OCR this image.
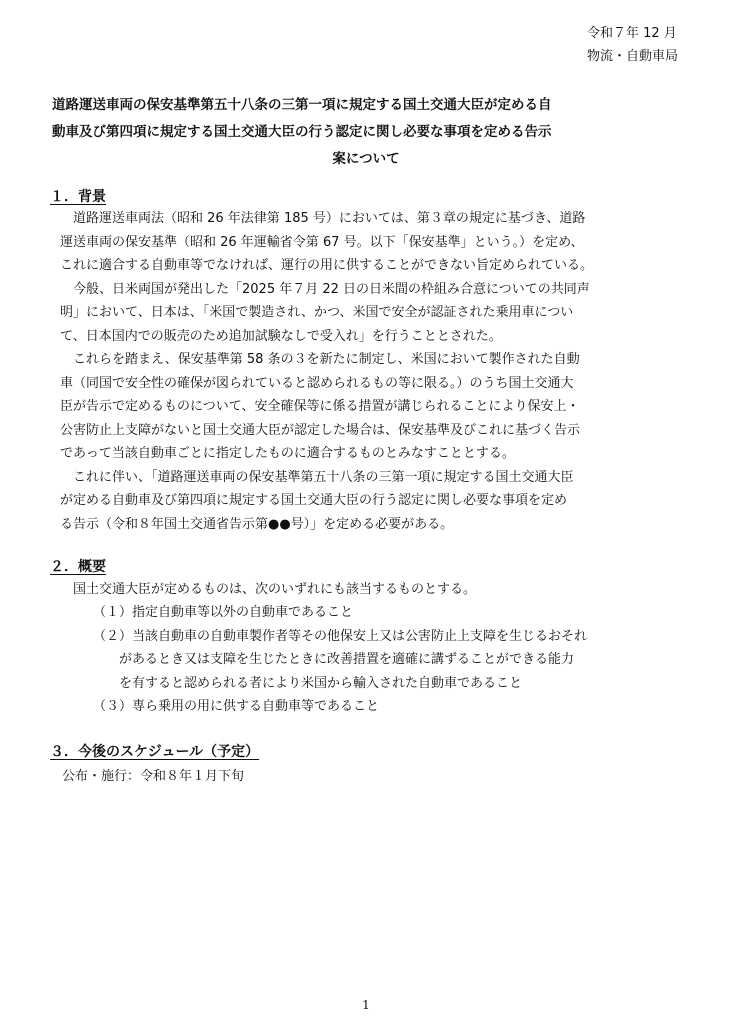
令和７年 12 月
物流・自動車局
道路運送車両の保安基準第五十八条の三第一項に規定する国土交通大臣が定める自
動車及び第四項に規定する国土交通大臣の行う認定に関し必要な事項を定める告示
案について
１．背景
道路運送車両法（昭和 26 年法律第 185 号）においては、第３章の規定に基づき、道路
運送車両の保安基準（昭和 26 年運輸省令第 67 号。以下「保安基準」という。）を定め、
これに適合する自動車等でなければ、運行の用に供することができない旨定められている。
今般、日米両国が発出した「2025 年７月 22 日の日米間の枠組み合意についての共同声
明」において、日本は、「米国で製造され、かつ、米国で安全が認証された乗用車につい
て、日本国内での販売のため追加試験なしで受入れ」を行うこととされた。
これらを踏まえ、保安基準第 58 条の３を新たに制定し、米国において製作された自動
車（同国で安全性の確保が図られていると認められるもの等に限る。）のうち国土交通大
臣が告示で定めるものについて、安全確保等に係る措置が講じられることにより保安上・
公害防止上支障がないと国土交通大臣が認定した場合は、保安基準及びこれに基づく告示
であって当該自動車ごとに指定したものに適合するものとみなすこととする。
これに伴い、「道路運送車両の保安基準第五十八条の三第一項に規定する国土交通大臣
が定める自動車及び第四項に規定する国土交通大臣の行う認定に関し必要な事項を定め
る告示（令和８年国土交通省告示第●●号）」を定める必要がある。
２．概要
国土交通大臣が定めるものは、次のいずれにも該当するものとする。
（１）指定自動車等以外の自動車であること
（２）当該自動車の自動車製作者等その他保安上又は公害防止上支障を生じるおそれ
があるとき又は支障を生じたときに改善措置を適確に講ずることができる能力
を有すると認められる者により米国から輸入された自動車であること
（３）専ら乗用の用に供する自動車等であること
３．今後のスケジュール（予定）
公布・施行：令和８年１月下旬
1
